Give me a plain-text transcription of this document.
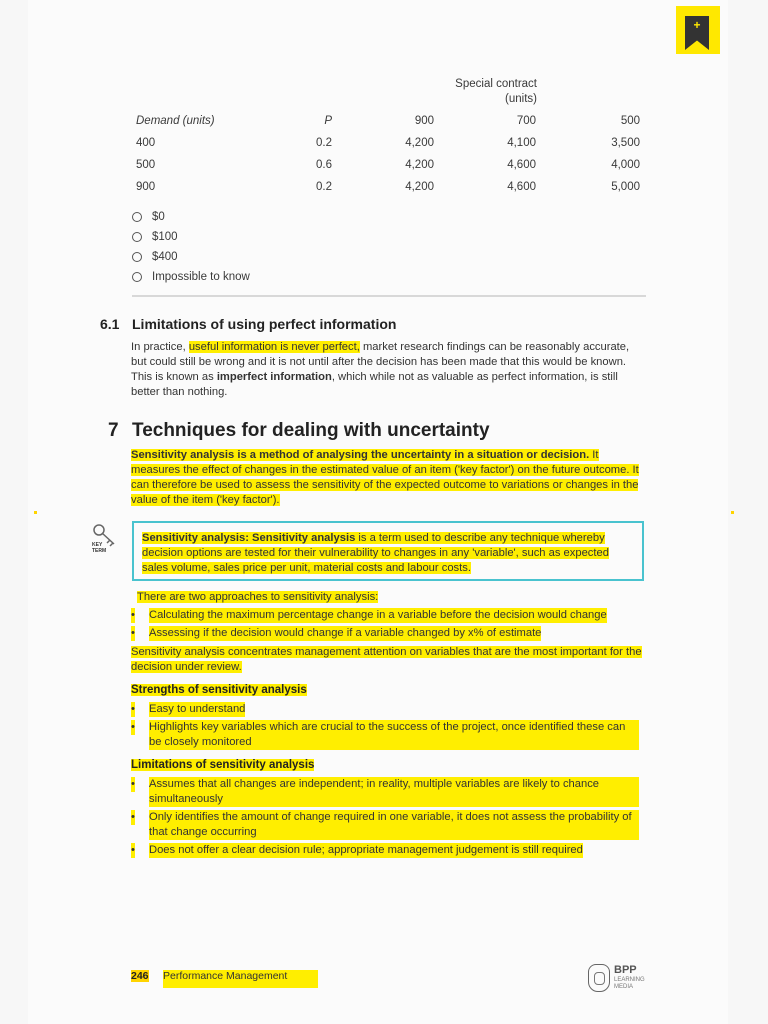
+
Special contract
(units)
Demand (units)	P	900	700	500
400	0.2	4,200	4,100	3,500
500	0.6	4,200	4,600	4,000
900	0.2	4,200	4,600	5,000
$0
$100
$400
Impossible to know
6.1 Limitations of using perfect information
In practice, useful information is never perfect, market research findings can be reasonably accurate, but could still be wrong and it is not until after the decision has been made that this would be known. This is known as imperfect information, which while not as valuable as perfect information, is still better than nothing.
7 Techniques for dealing with uncertainty
Sensitivity analysis is a method of analysing the uncertainty in a situation or decision. It measures the effect of changes in the estimated value of an item ('key factor') on the future outcome. It can therefore be used to assess the sensitivity of the expected outcome to variations or changes in the value of the item ('key factor').
KEY
TERM
Sensitivity analysis: Sensitivity analysis is a term used to describe any technique whereby decision options are tested for their vulnerability to changes in any 'variable', such as expected sales volume, sales price per unit, material costs and labour costs.
There are two approaches to sensitivity analysis:
• Calculating the maximum percentage change in a variable before the decision would change
• Assessing if the decision would change if a variable changed by x% of estimate
Sensitivity analysis concentrates management attention on variables that are the most important for the decision under review.
Strengths of sensitivity analysis
• Easy to understand
• Highlights key variables which are crucial to the success of the project, once identified these can be closely monitored
Limitations of sensitivity analysis
• Assumes that all changes are independent; in reality, multiple variables are likely to chance simultaneously
• Only identifies the amount of change required in one variable, it does not assess the probability of that change occurring
• Does not offer a clear decision rule; appropriate management judgement is still required
246 Performance Management	BPP
LEARNING
MEDIA
